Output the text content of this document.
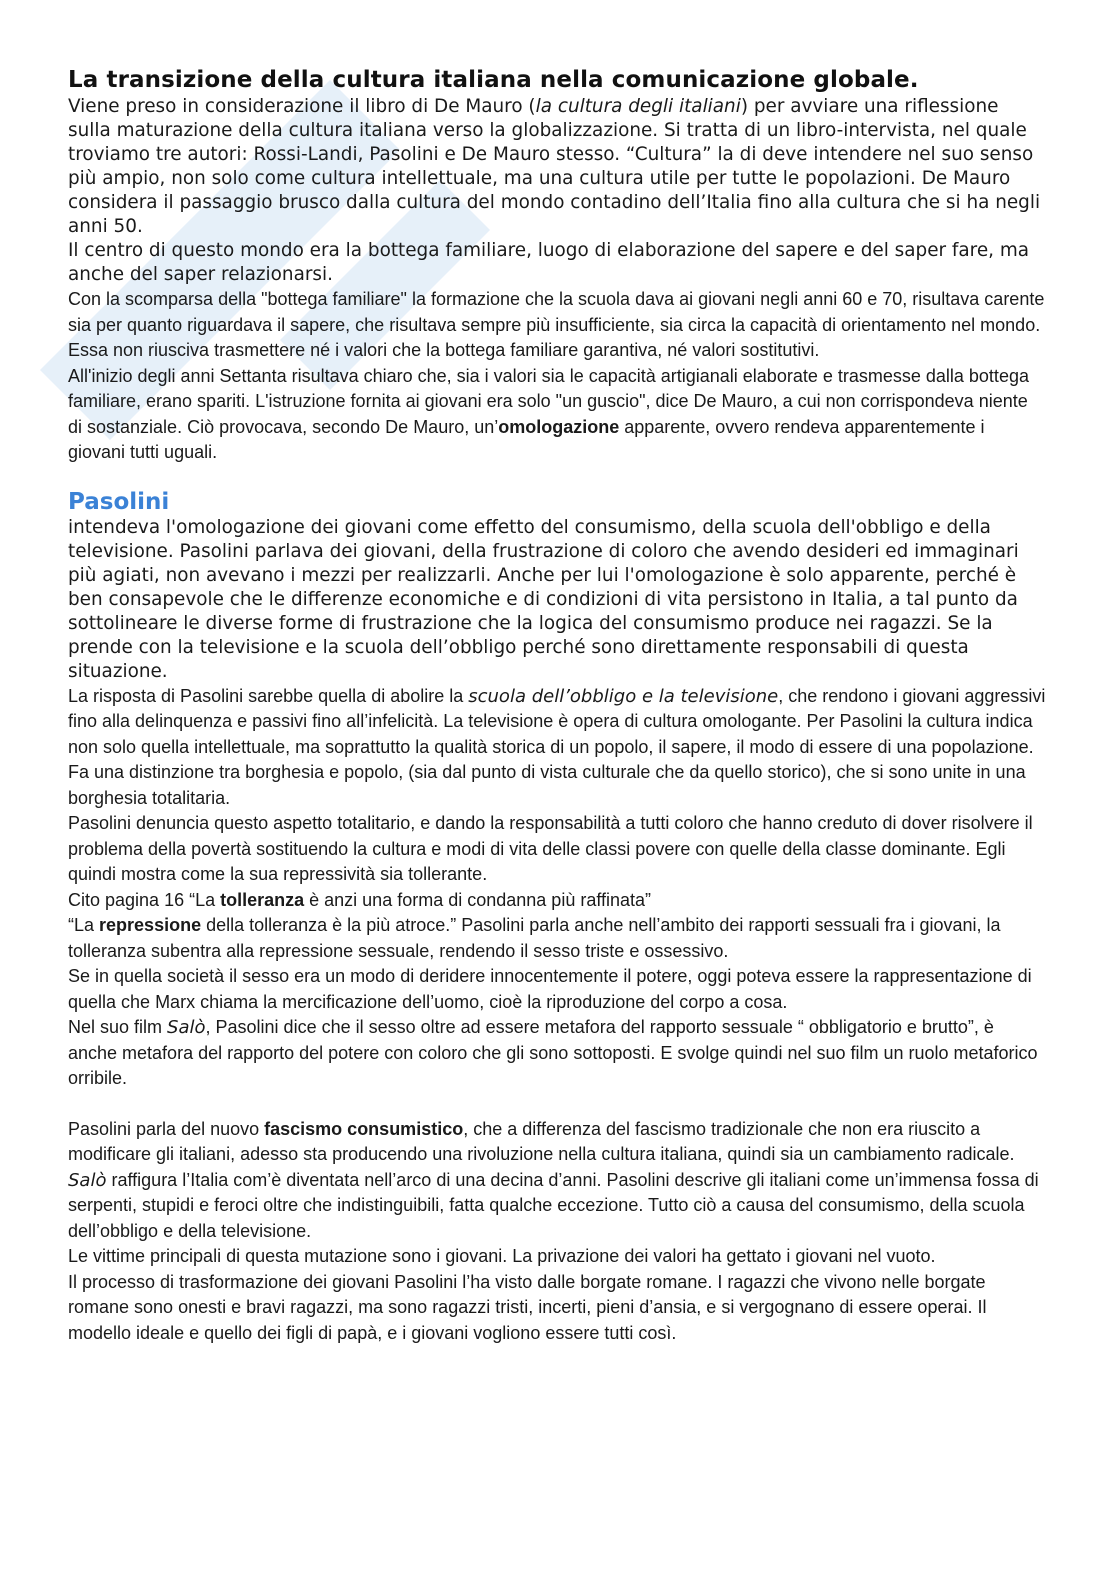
La transizione della cultura italiana nella comunicazione globale.

Viene preso in considerazione il libro di De Mauro (la cultura degli italiani) per avviare una riflessione sulla maturazione della cultura italiana verso la globalizzazione. Si tratta di un libro-intervista, nel quale troviamo tre autori: Rossi-Landi, Pasolini e De Mauro stesso. “Cultura” la di deve intendere nel suo senso più ampio, non solo come cultura intellettuale, ma una cultura utile per tutte le popolazioni. De Mauro considera il passaggio brusco dalla cultura del mondo contadino dell’Italia fino alla cultura che si ha negli anni 50.

Il centro di questo mondo era la bottega familiare, luogo di elaborazione del sapere e del saper fare, ma anche del saper relazionarsi.

Con la scomparsa della "bottega familiare" la formazione che la scuola dava ai giovani negli anni 60 e 70, risultava carente sia per quanto riguardava il sapere, che risultava sempre più insufficiente, sia circa la capacità di orientamento nel mondo.

Essa non riusciva trasmettere né i valori che la bottega familiare garantiva, né valori sostitutivi.

All'inizio degli anni Settanta risultava chiaro che, sia i valori sia le capacità artigianali elaborate e trasmesse dalla bottega familiare, erano spariti. L'istruzione fornita ai giovani era solo "un guscio", dice De Mauro, a cui non corrispondeva niente di sostanziale. Ciò provocava, secondo De Mauro, un’omologazione apparente, ovvero rendeva apparentemente i giovani tutti uguali.

Pasolini

intendeva l'omologazione dei giovani come effetto del consumismo, della scuola dell'obbligo e della televisione. Pasolini parlava dei giovani, della frustrazione di coloro che avendo desideri ed immaginari più agiati, non avevano i mezzi per realizzarli. Anche per lui l'omologazione è solo apparente, perché è ben consapevole che le differenze economiche e di condizioni di vita persistono in Italia, a tal punto da sottolineare le diverse forme di frustrazione che la logica del consumismo produce nei ragazzi. Se la prende con la televisione e la scuola dell’obbligo perché sono direttamente responsabili di questa situazione.

La risposta di Pasolini sarebbe quella di abolire la scuola dell’obbligo e la televisione, che rendono i giovani aggressivi fino alla delinquenza e passivi fino all’infelicità. La televisione è opera di cultura omologante. Per Pasolini la cultura indica non solo quella intellettuale, ma soprattutto la qualità storica di un popolo, il sapere, il modo di essere di una popolazione. Fa una distinzione tra borghesia e popolo, (sia dal punto di vista culturale che da quello storico), che si sono unite in una borghesia totalitaria.

Pasolini denuncia questo aspetto totalitario, e dando la responsabilità a tutti coloro che hanno creduto di dover risolvere il problema della povertà sostituendo la cultura e modi di vita delle classi povere con quelle della classe dominante. Egli quindi mostra come la sua repressività sia tollerante.

Cito pagina 16 “La tolleranza è anzi una forma di condanna più raffinata”

“La repressione della tolleranza è la più atroce.” Pasolini parla anche nell’ambito dei rapporti sessuali fra i giovani, la tolleranza subentra alla repressione sessuale, rendendo il sesso triste e ossessivo.

Se in quella società il sesso era un modo di deridere innocentemente il potere, oggi poteva essere la rappresentazione di quella che Marx chiama la mercificazione dell’uomo, cioè la riproduzione del corpo a cosa.

Nel suo film Salò, Pasolini dice che il sesso oltre ad essere metafora del rapporto sessuale “ obbligatorio e brutto”, è anche metafora del rapporto del potere con coloro che gli sono sottoposti. E svolge quindi nel suo film un ruolo metaforico orribile.

Pasolini parla del nuovo fascismo consumistico, che a differenza del fascismo tradizionale che non era riuscito a modificare gli italiani, adesso sta producendo una rivoluzione nella cultura italiana, quindi sia un cambiamento radicale.

Salò raffigura l’Italia com’è diventata nell’arco di una decina d’anni. Pasolini descrive gli italiani come un’immensa fossa di serpenti, stupidi e feroci oltre che indistinguibili, fatta qualche eccezione. Tutto ciò a causa del consumismo, della scuola dell’obbligo e della televisione.

Le vittime principali di questa mutazione sono i giovani. La privazione dei valori ha gettato i giovani nel vuoto.

Il processo di trasformazione dei giovani Pasolini l’ha visto dalle borgate romane. I ragazzi che vivono nelle borgate romane sono onesti e bravi ragazzi, ma sono ragazzi tristi, incerti, pieni d’ansia, e si vergognano di essere operai. Il modello ideale e quello dei figli di papà, e i giovani vogliono essere tutti così.
